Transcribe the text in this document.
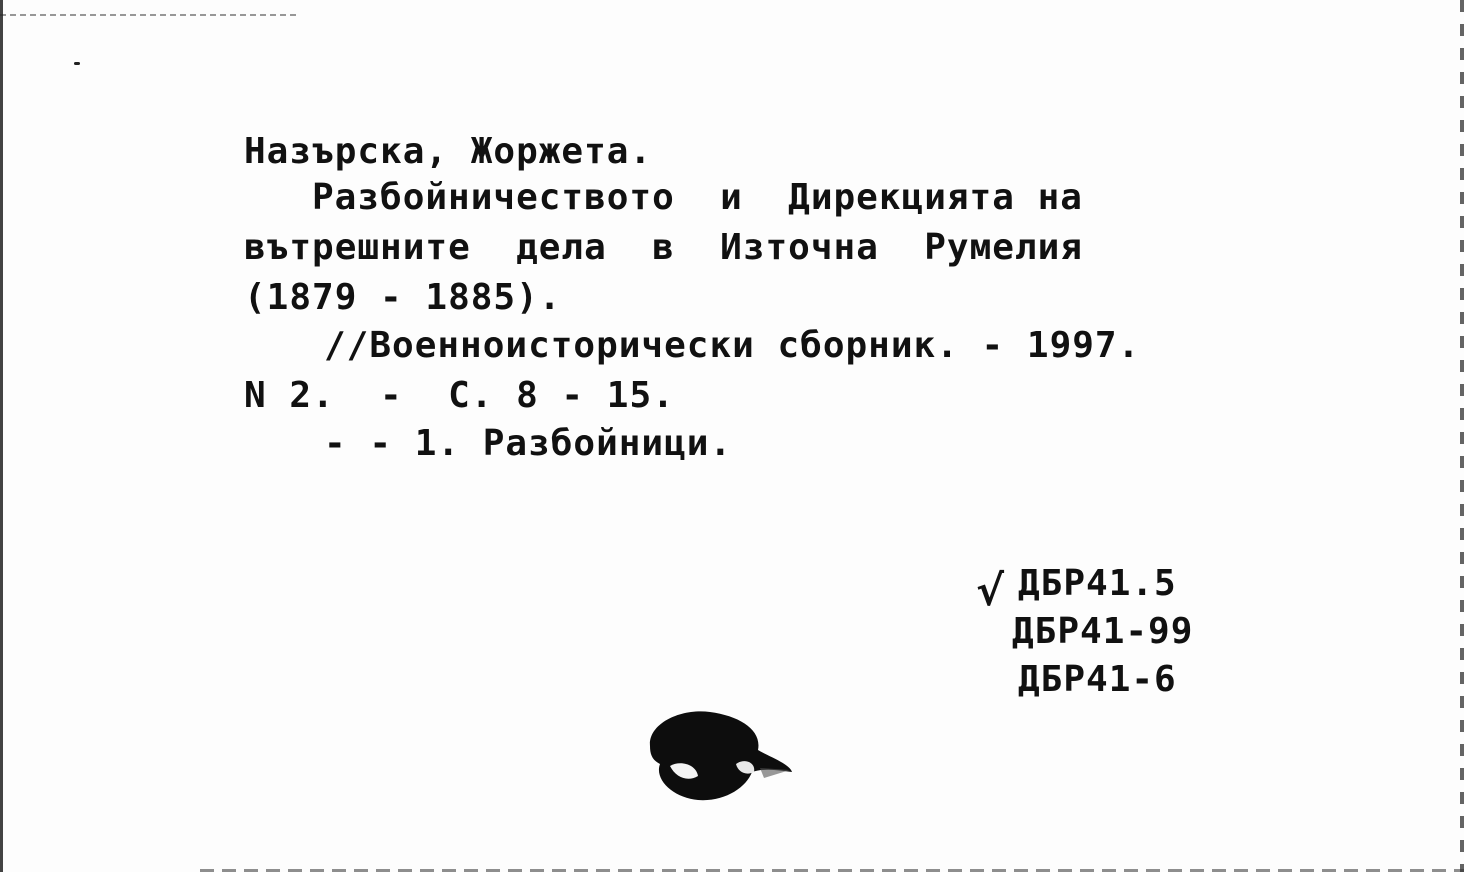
Назърска, Жоржета.
Разбойничеството  и  Дирекцията на
вътрешните  дела  в  Източна  Румелия
(1879 - 1885).
//Военноисторически сборник. - 1997.
N 2.  -  С. 8 - 15.
- - 1. Разбойници.
√ ДБР41.5
ДБР41-99
ДБР41-6
